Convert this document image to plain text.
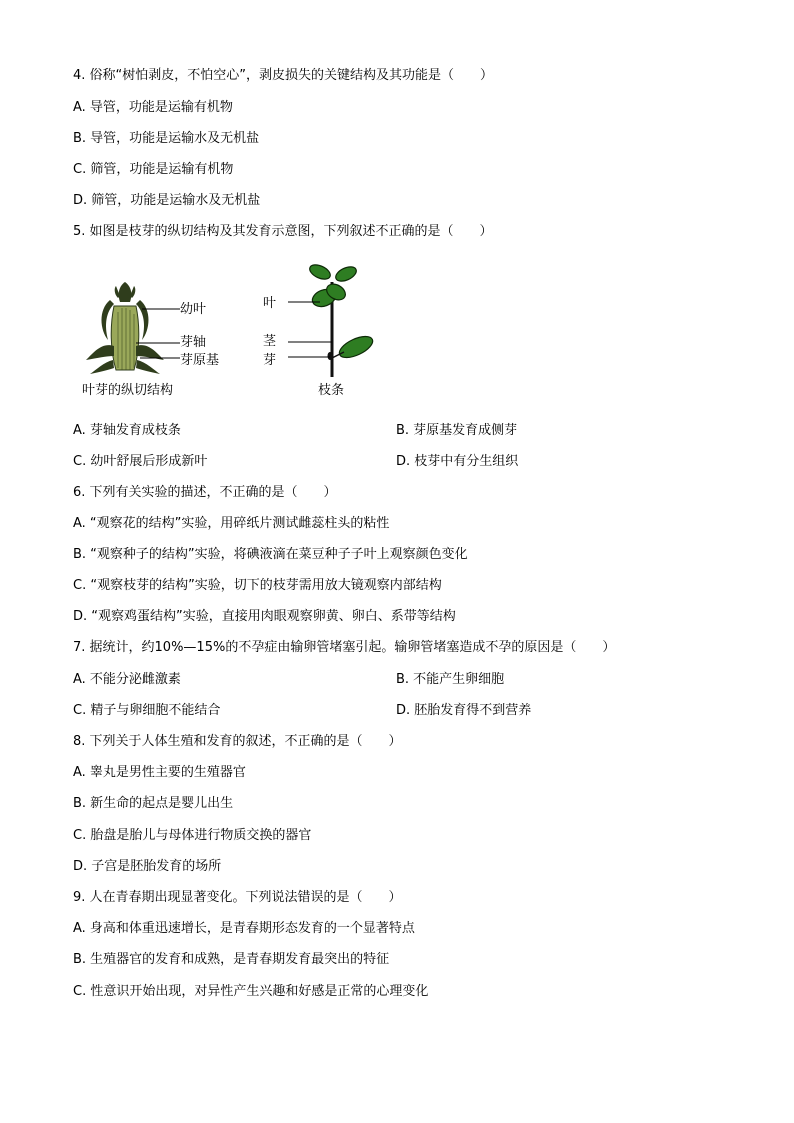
4. 俗称“树怕剥皮，不怕空心”，剥皮损失的关键结构及其功能是（　　）
A. 导管，功能是运输有机物
B. 导管，功能是运输水及无机盐
C. 筛管，功能是运输有机物
D. 筛管，功能是运输水及无机盐
5. 如图是枝芽的纵切结构及其发育示意图，下列叙述不正确的是（　　）
幼叶
芽轴
芽原基
叶芽的纵切结构
叶
茎
芽
枝条
A. 芽轴发育成枝条	B. 芽原基发育成侧芽
C. 幼叶舒展后形成新叶	D. 枝芽中有分生组织
6. 下列有关实验的描述，不正确的是（　　）
A. “观察花的结构”实验，用碎纸片测试雌蕊柱头的粘性
B. “观察种子的结构”实验，将碘液滴在菜豆种子子叶上观察颜色变化
C. “观察枝芽的结构”实验，切下的枝芽需用放大镜观察内部结构
D. “观察鸡蛋结构”实验，直接用肉眼观察卵黄、卵白、系带等结构
7. 据统计，约10%—15%的不孕症由输卵管堵塞引起。输卵管堵塞造成不孕的原因是（　　）
A. 不能分泌雌激素	B. 不能产生卵细胞
C. 精子与卵细胞不能结合	D. 胚胎发育得不到营养
8. 下列关于人体生殖和发育的叙述，不正确的是（　　）
A. 睾丸是男性主要的生殖器官
B. 新生命的起点是婴儿出生
C. 胎盘是胎儿与母体进行物质交换的器官
D. 子宫是胚胎发育的场所
9. 人在青春期出现显著变化。下列说法错误的是（　　）
A. 身高和体重迅速增长，是青春期形态发育的一个显著特点
B. 生殖器官的发育和成熟，是青春期发育最突出的特征
C. 性意识开始出现，对异性产生兴趣和好感是正常的心理变化
